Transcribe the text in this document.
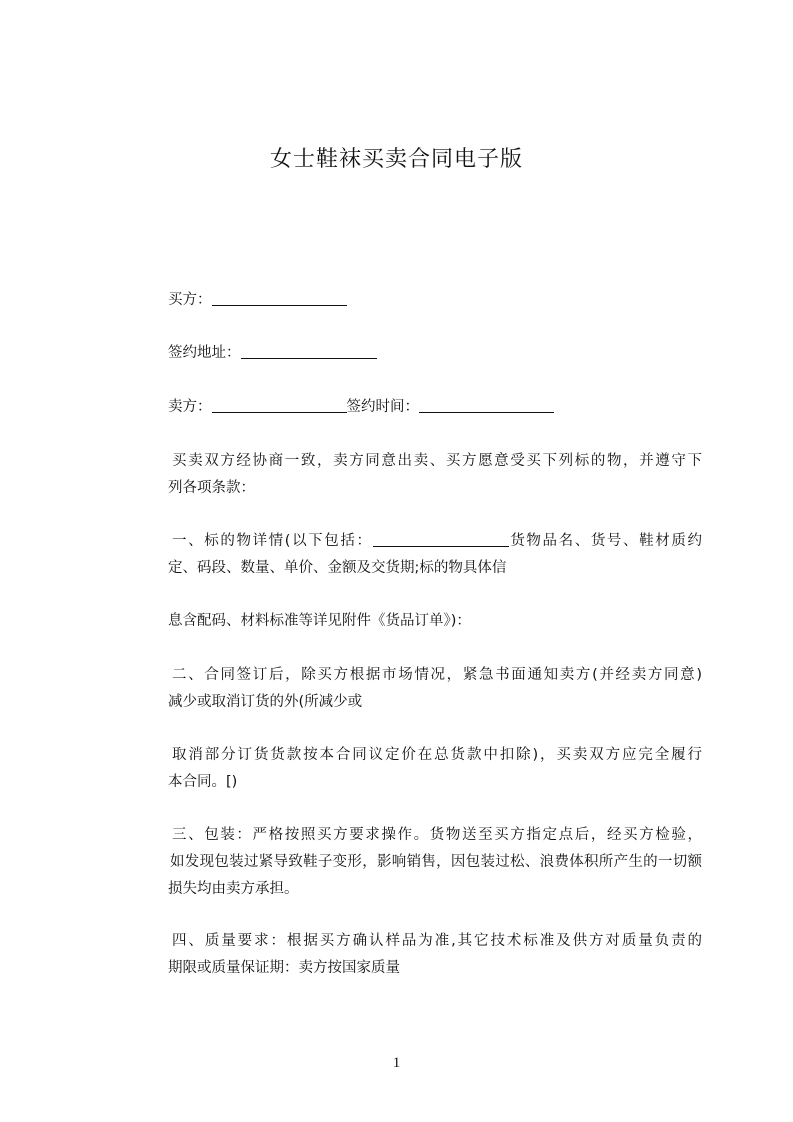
女士鞋袜买卖合同电子版
买方：
签约地址：
卖方：	签约时间：
买卖双方经协商一致，卖方同意出卖、买方愿意受买下列标的物，并遵守下
列各项条款：
一、标的物详情(以下包括：	货物品名、货号、鞋材质约
定、码段、数量、单价、金额及交货期;标的物具体信
息含配码、材料标准等详见附件《货品订单》)：
二、合同签订后，除买方根据市场情况，紧急书面通知卖方(并经卖方同意)
减少或取消订货的外(所减少或
取消部分订货货款按本合同议定价在总货款中扣除)，买卖双方应完全履行
本合同。[)
三、包装：严格按照买方要求操作。货物送至买方指定点后，经买方检验，
如发现包装过紧导致鞋子变形，影响销售，因包装过松、浪费体积所产生的一切额
损失均由卖方承担。
四、质量要求：根据买方确认样品为准,其它技术标准及供方对质量负责的
期限或质量保证期：卖方按国家质量
1
